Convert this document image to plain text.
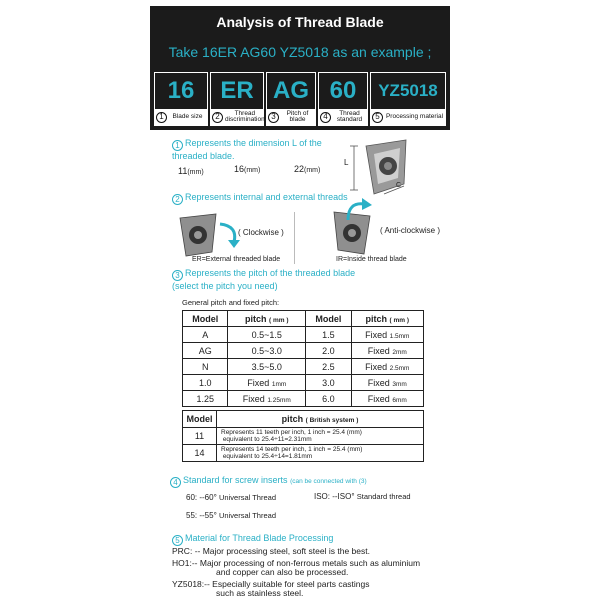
Analysis of Thread Blade
Take 16ER AG60 YZ5018 as an example ;
16
1	Blade size
ER
2	Thread discrimination
AG
3	Pitch of blade
60
4	Thread standard
YZ5018
5 Processing material
1 Represents the dimension L of the
threaded blade.
11(mm)	16(mm)	22(mm)
L
C
2 Represents internal and external threads
( Clockwise )
ER=External threaded blade
( Anti-clockwise )
IR=Inside thread blade
3 Represents the pitch of the threaded blade
(select the pitch you need)
General pitch and fixed pitch:
Model	pitch ( mm )	Model	pitch ( mm )
A	0.5~1.5	1.5	Fixed 1.5mm
AG	0.5~3.0	2.0	Fixed 2mm
N	3.5~5.0	2.5	Fixed 2.5mm
1.0	Fixed 1mm	3.0	Fixed 3mm
1.25	Fixed 1.25mm	6.0	Fixed 6mm
Model	pitch ( British system )
11	Represents 11 teeth per inch, 1 inch = 25.4 (mm)
equivalent to 25.4÷11=2.31mm
14	Represents 14 teeth per inch, 1 inch = 25.4 (mm)
equivalent to 25.4÷14=1.81mm
4 Standard for screw inserts (can be connected with (3)
60: --60° Universal Thread	ISO: --ISO° Standard thread
55: --55° Universal Thread
5 Material for Thread Blade Processing
PRC: -- Major processing steel, soft steel is the best.
HO1:-- Major processing of non-ferrous metals such as aluminium
and copper can also be processed.
YZ5018:-- Especially suitable for steel parts castings
such as stainless steel.
